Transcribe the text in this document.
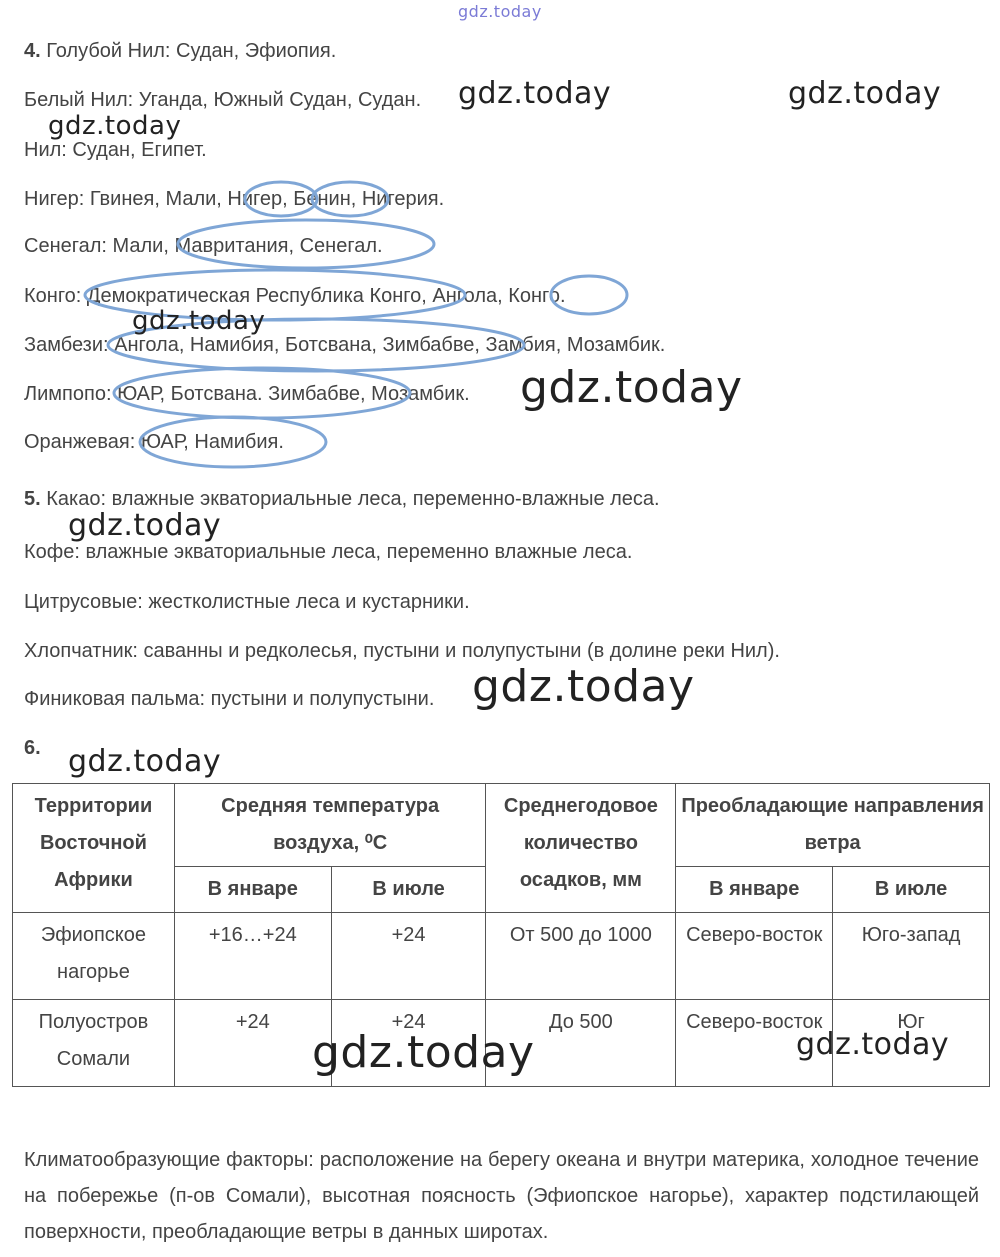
gdz.today
4. Голубой Нил: Судан, Эфиопия.
Белый Нил: Уганда, Южный Судан, Судан.
Нил: Судан, Египет.
Нигер: Гвинея, Мали, Нигер, Бенин, Нигерия.
Сенегал: Мали, Мавритания, Сенегал.
Конго: Демократическая Республика Конго, Ангола, Конго.
Замбези: Ангола, Намибия, Ботсвана, Зимбабве, Замбия, Мозамбик.
Лимпопо: ЮАР, Ботсвана. Зимбабве, Мозамбик.
Оранжевая: ЮАР, Намибия.
5. Какао: влажные экваториальные леса, переменно-влажные леса.
Кофе: влажные экваториальные леса, переменно влажные леса.
Цитрусовые: жестколистные леса и кустарники.
Хлопчатник: саванны и редколесья, пустыни и полупустыни (в долине реки Нил).
Финиковая пальма: пустыни и полупустыни.
6.
Территории Восточной Африки	Средняя температура воздуха, ⁰С		Среднегодовое количество осадков, мм	Преобладающие направления ветра	
	В январе	В июле		В январе	В июле
Эфиопское нагорье	+16…+24	+24	От 500 до 1000	Северо-восток	Юго-запад
Полуостров Сомали	+24	+24	До 500	Северо-восток	Юг
Климатообразующие факторы: расположение на берегу океана и внутри материка, холодное течение на побережье (п-ов Сомали), высотная поясность (Эфиопское нагорье), характер подстилающей поверхности, преобладающие ветры в данных широтах.
gdz.today	gdz.today
gdz.today
gdz.today
gdz.today
gdz.today
gdz.today
gdz.today
gdz.today	gdz.today
